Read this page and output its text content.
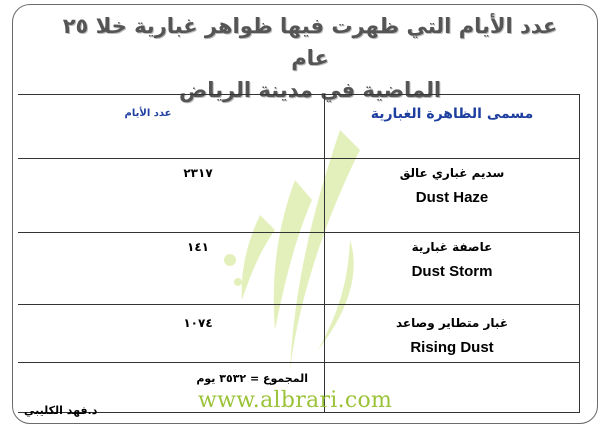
عدد الأيام التي ظهرت فيها ظواهر غبارية خلا ٢٥ عام
الماضية في مدينة الرياض
مسمى الظاهرة الغبارية
عدد الأيام
سديم غباري عالق
Dust Haze
٢٣١٧
عاصفة غبارية
Dust Storm
١٤١
غبار متطاير وصاعد
Rising Dust
١٠٧٤
المجموع = ٣٥٣٢ يوم
www.albrari.com
د.فهد الكليبي
